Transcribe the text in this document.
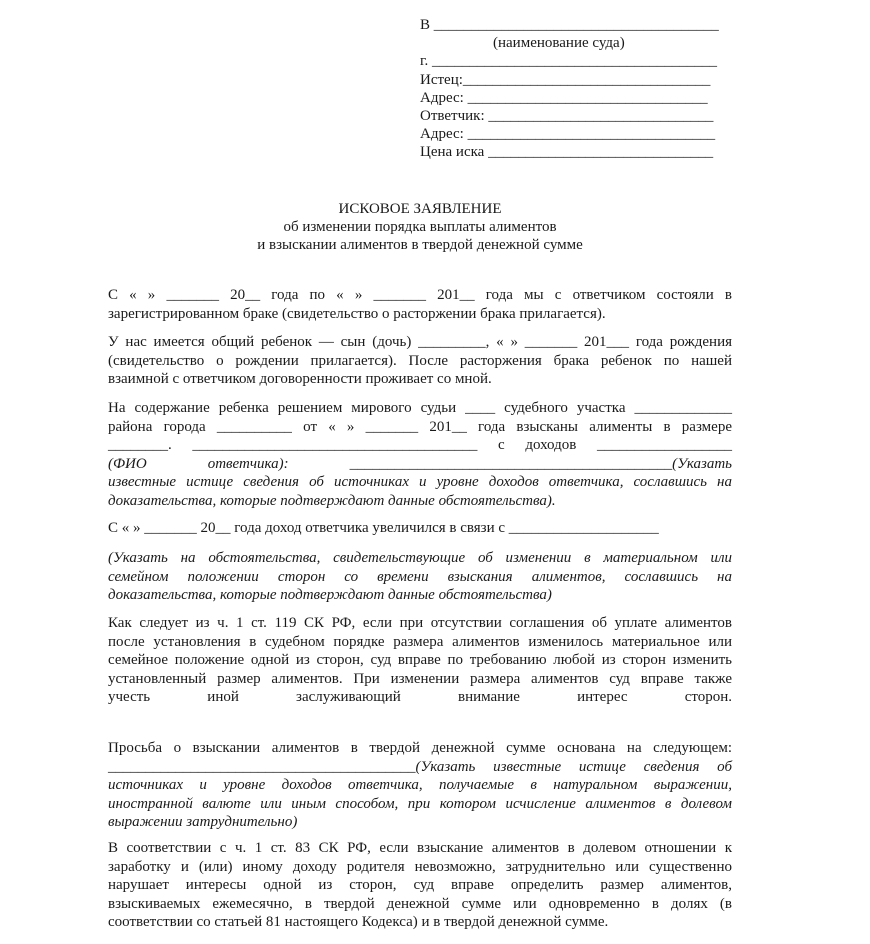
В ______________________________________
(наименование суда)
г. ______________________________________
Истец:_________________________________
Адрес: ________________________________
Ответчик: ______________________________
Адрес: _________________________________
Цена иска ______________________________
ИСКОВОЕ ЗАЯВЛЕНИЕ
об изменении порядка выплаты алиментов
и взыскании алиментов в твердой денежной сумме
С « » _______ 20__ года по « » _______ 201__ года мы с ответчиком состояли в
зарегистрированном браке (свидетельство о расторжении брака прилагается).
У нас имеется общий ребенок — сын (дочь) _________, « » _______ 201___ года рождения
(свидетельство о рождении прилагается). После расторжения брака ребенок по нашей
взаимной с ответчиком договоренности проживает со мной.
На содержание ребенка решением мирового судьи ____ судебного участка _____________
района города __________ от « » _______ 201__ года взысканы алименты в размере
________. ______________________________________ с доходов __________________
(ФИО ответчика): ___________________________________________(Указать
известные истице сведения об источниках и уровне доходов ответчика, сославшись на
доказательства, которые подтверждают данные обстоятельства).
С « » _______ 20__ года доход ответчика увеличился в связи с ____________________
(Указать на обстоятельства, свидетельствующие об изменении в материальном или
семейном положении сторон со времени взыскания алиментов, сославшись на
доказательства, которые подтверждают данные обстоятельства)
Как следует из ч. 1 ст. 119 СК РФ, если при отсутствии соглашения об уплате алиментов
после установления в судебном порядке размера алиментов изменилось материальное или
семейное положение одной из сторон, суд вправе по требованию любой из сторон изменить
установленный размер алиментов. При изменении размера алиментов суд вправе также
учесть иной заслуживающий внимание интерес сторон.
Просьба о взыскании алиментов в твердой денежной сумме основана на следующем:
_________________________________________(Указать известные истице сведения об
источниках и уровне доходов ответчика, получаемые в натуральном выражении,
иностранной валюте или иным способом, при котором исчисление алиментов в долевом
выражении затруднительно)
В соответствии с ч. 1 ст. 83 СК РФ, если взыскание алиментов в долевом отношении к
заработку и (или) иному доходу родителя невозможно, затруднительно или существенно
нарушает интересы одной из сторон, суд вправе определить размер алиментов,
взыскиваемых ежемесячно, в твердой денежной сумме или одновременно в долях (в
соответствии со статьей 81 настоящего Кодекса) и в твердой денежной сумме.
